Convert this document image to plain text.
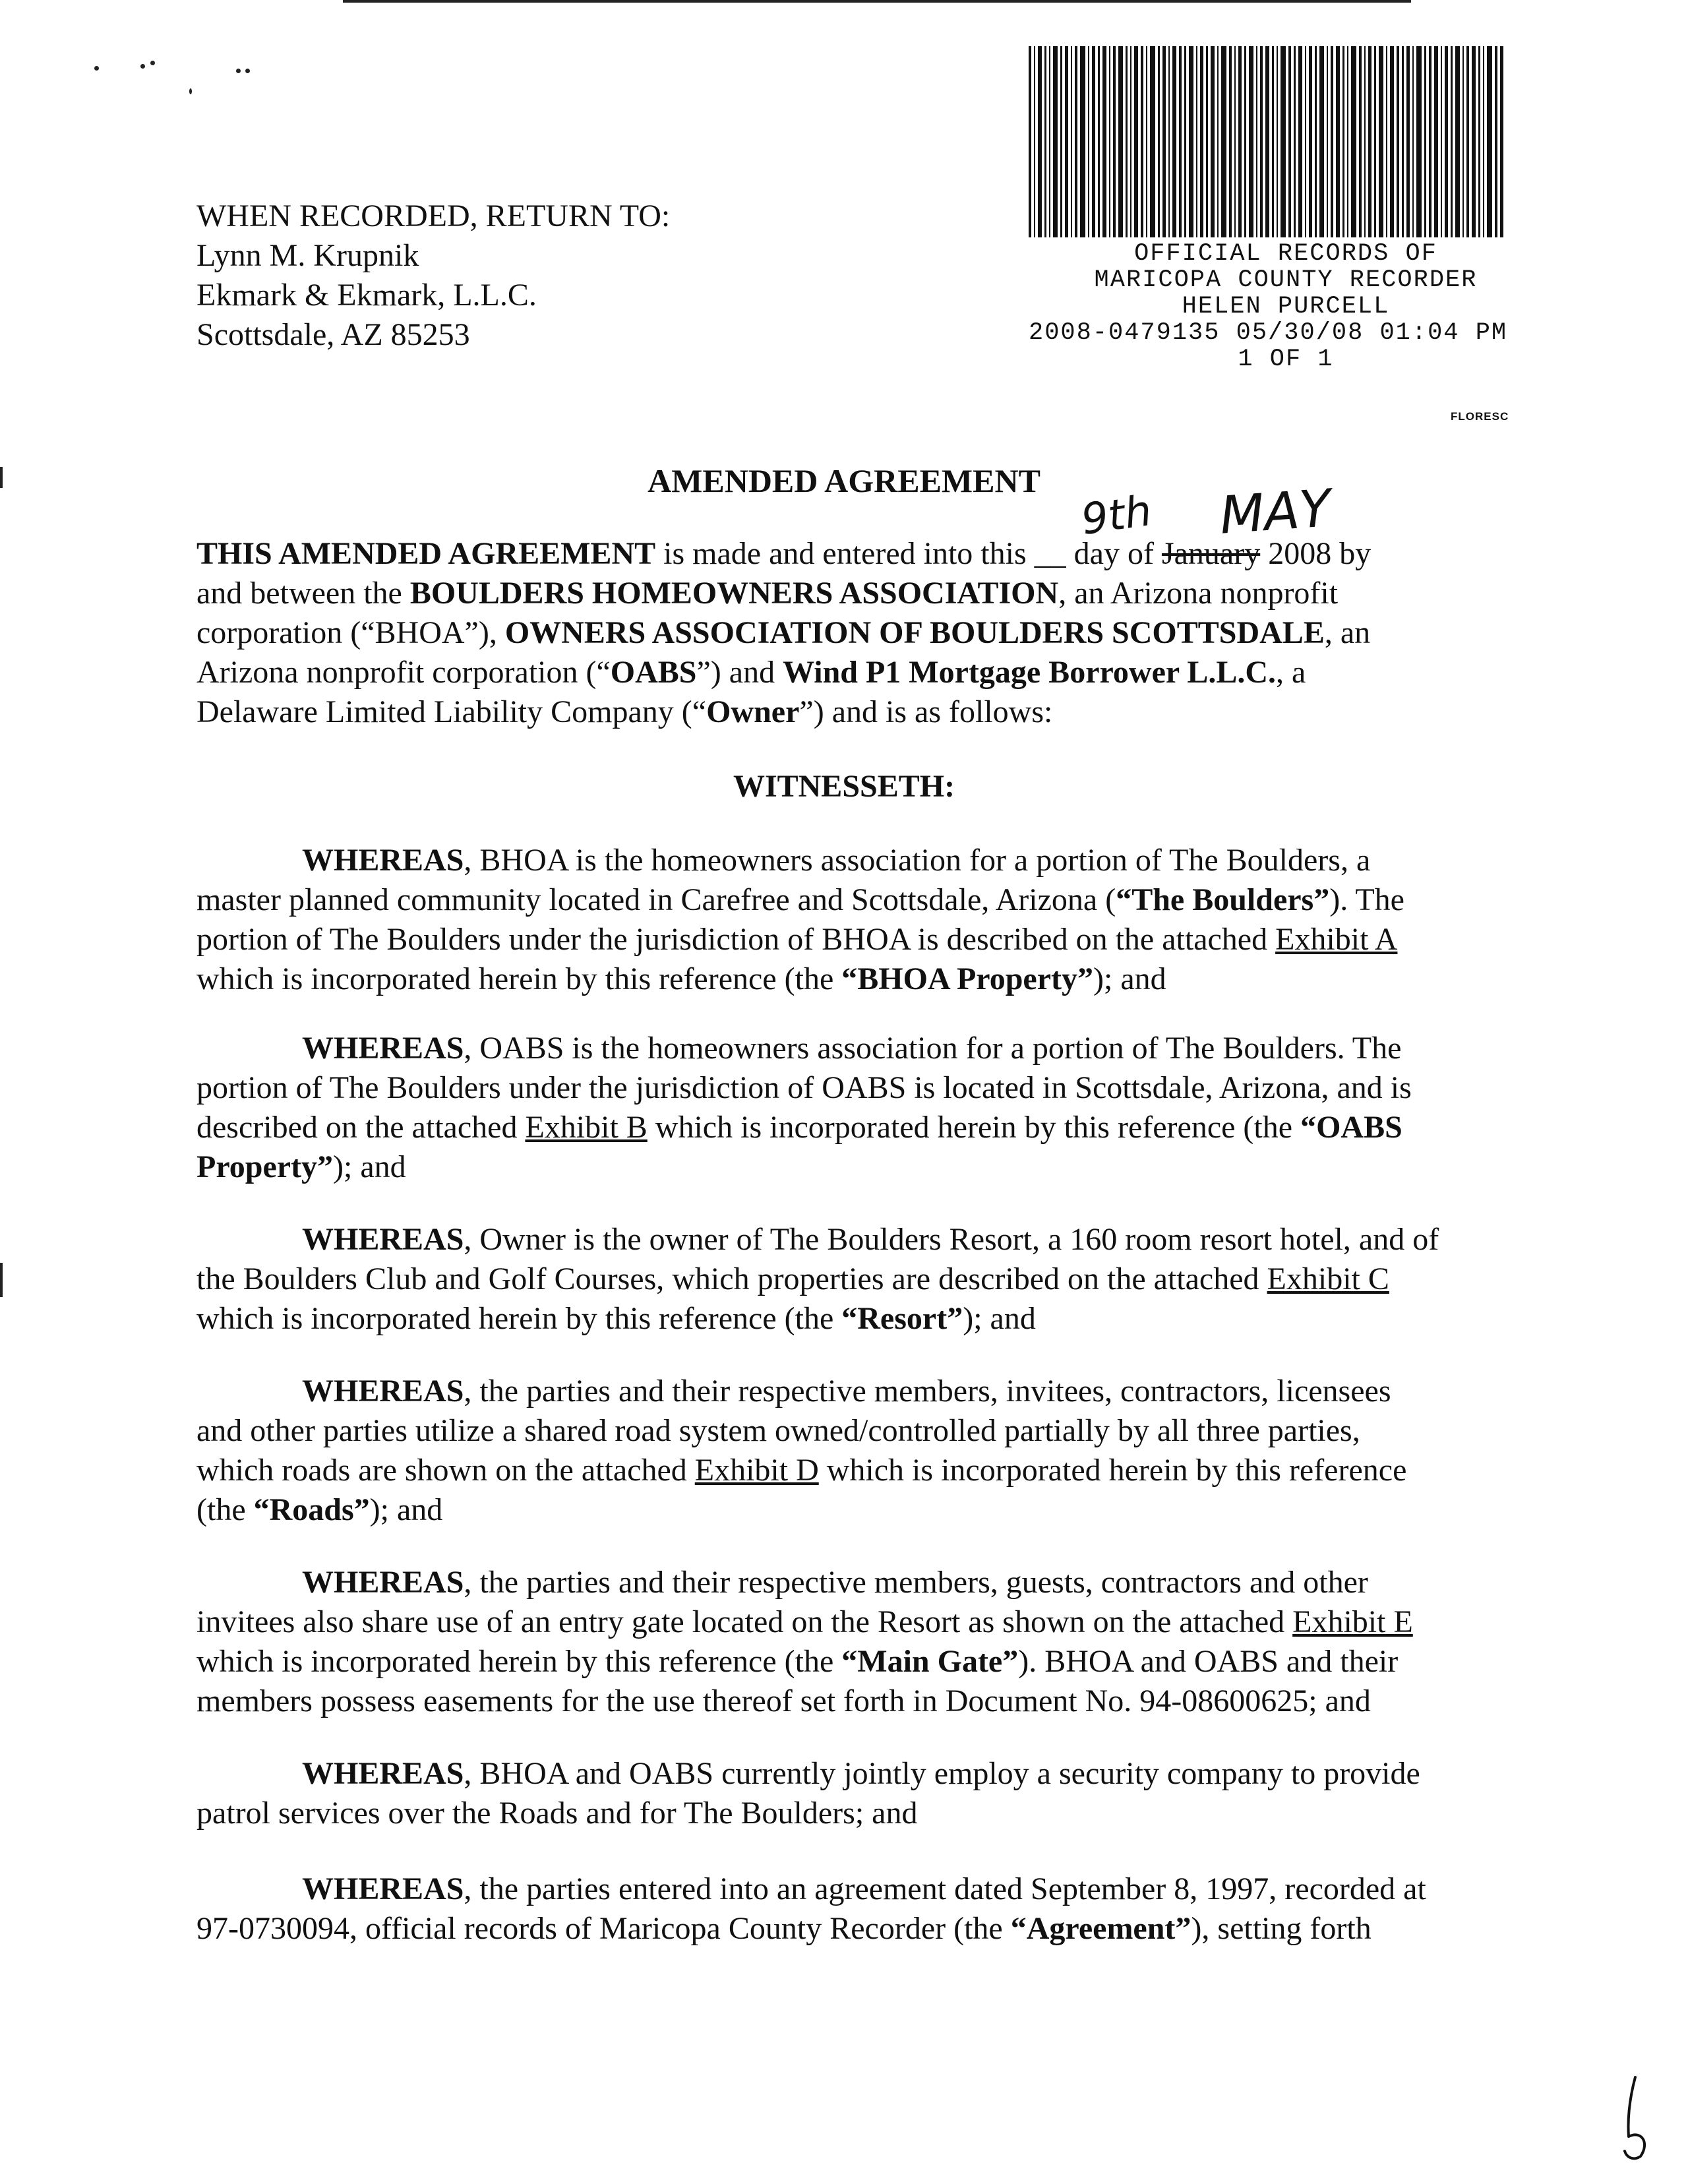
WHEN RECORDED, RETURN TO:
Lynn M. Krupnik
Ekmark & Ekmark, L.L.C.
Scottsdale, AZ 85253
OFFICIAL RECORDS OF
MARICOPA COUNTY RECORDER
HELEN PURCELL
2008-0479135 05/30/08 01:04 PM
1 OF 1
FLORESC
AMENDED AGREEMENT
9th MAY
THIS AMENDED AGREEMENT is made and entered into this __ day of January 2008 by
and between the BOULDERS HOMEOWNERS ASSOCIATION, an Arizona nonprofit
corporation (“BHOA”), OWNERS ASSOCIATION OF BOULDERS SCOTTSDALE, an
Arizona nonprofit corporation (“OABS”) and Wind P1 Mortgage Borrower L.L.C., a
Delaware Limited Liability Company (“Owner”) and is as follows:
WITNESSETH:
WHEREAS, BHOA is the homeowners association for a portion of The Boulders, a
master planned community located in Carefree and Scottsdale, Arizona (“The Boulders”). The
portion of The Boulders under the jurisdiction of BHOA is described on the attached Exhibit A
which is incorporated herein by this reference (the “BHOA Property”); and
WHEREAS, OABS is the homeowners association for a portion of The Boulders. The
portion of The Boulders under the jurisdiction of OABS is located in Scottsdale, Arizona, and is
described on the attached Exhibit B which is incorporated herein by this reference (the “OABS
Property”); and
WHEREAS, Owner is the owner of The Boulders Resort, a 160 room resort hotel, and of
the Boulders Club and Golf Courses, which properties are described on the attached Exhibit C
which is incorporated herein by this reference (the “Resort”); and
WHEREAS, the parties and their respective members, invitees, contractors, licensees
and other parties utilize a shared road system owned/controlled partially by all three parties,
which roads are shown on the attached Exhibit D which is incorporated herein by this reference
(the “Roads”); and
WHEREAS, the parties and their respective members, guests, contractors and other
invitees also share use of an entry gate located on the Resort as shown on the attached Exhibit E
which is incorporated herein by this reference (the “Main Gate”). BHOA and OABS and their
members possess easements for the use thereof set forth in Document No. 94-08600625; and
WHEREAS, BHOA and OABS currently jointly employ a security company to provide
patrol services over the Roads and for The Boulders; and
WHEREAS, the parties entered into an agreement dated September 8, 1997, recorded at
97-0730094, official records of Maricopa County Recorder (the “Agreement”), setting forth
